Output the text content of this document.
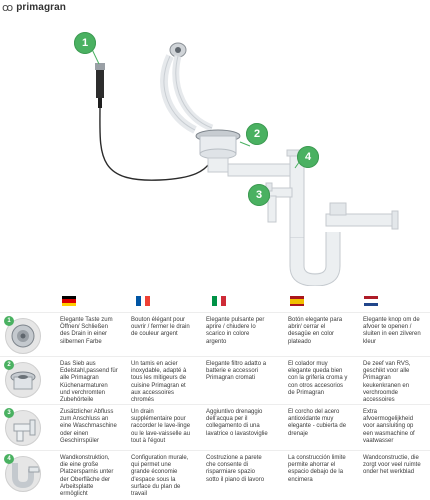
ꝏ primagran
1
2
3
4
1	Elegante Taste zum Öffnen/ Schließen des Drain in einer silbernen Farbe
Bouton élégant pour ouvrir / fermer le drain de couleur argent
Elegante pulsante per aprire / chiudere lo scarico in colore argento
Botón elegante para abrir/ cerrar el desagüe en color plateado
Elegante knop om de afvoer te openen / sluiten in een zilveren kleur
2	Das Sieb aus Edelstahl,passend für alle Primagran Küchenarmaturen und verchromten Zubehörteile
Un tamis en acier inoxydable, adapté à tous les mitigeurs de cuisine Primagran et aux accessoires chromés
Elegante filtro adatto a batterie e accessori Primagran cromati
El colador muy elegante queda bien con la grifería croma y con otros accesorios de Primagran
De zeef van RVS, geschikt voor alle Primagran keukenkranen en verchroomde accessoires
3	Zusätzlicher Abfluss zum Anschluss an eine Waschmaschine oder einen Geschirrspüler
Un drain supplémentaire pour raccorder le lave-linge ou le lave-vaisselle au tout à l'égout
Aggiuntivo drenaggio dell'acqua per il collegamento di una lavatrice o lavastoviglie
El corcho del acero antioxidante muy elegante - cubierta de drenaje
Extra afvoermogelijkheid voor aansluiting op een wasmachine of vaatwasser
4	Wandkonstruktion, die eine große Platzersparnis unter der Oberfläche der Arbeitsplatte ermöglicht
Configuration murale, qui permet une grande économie d'espace sous la surface du plan de travail
Costruzione a parete che consente di risparmiare spazio sotto il piano di lavoro
La construcción limite permite ahorrar el espacio debajo de la encimera
Wandconstructie, die zorgt voor veel ruimte onder het werkblad
